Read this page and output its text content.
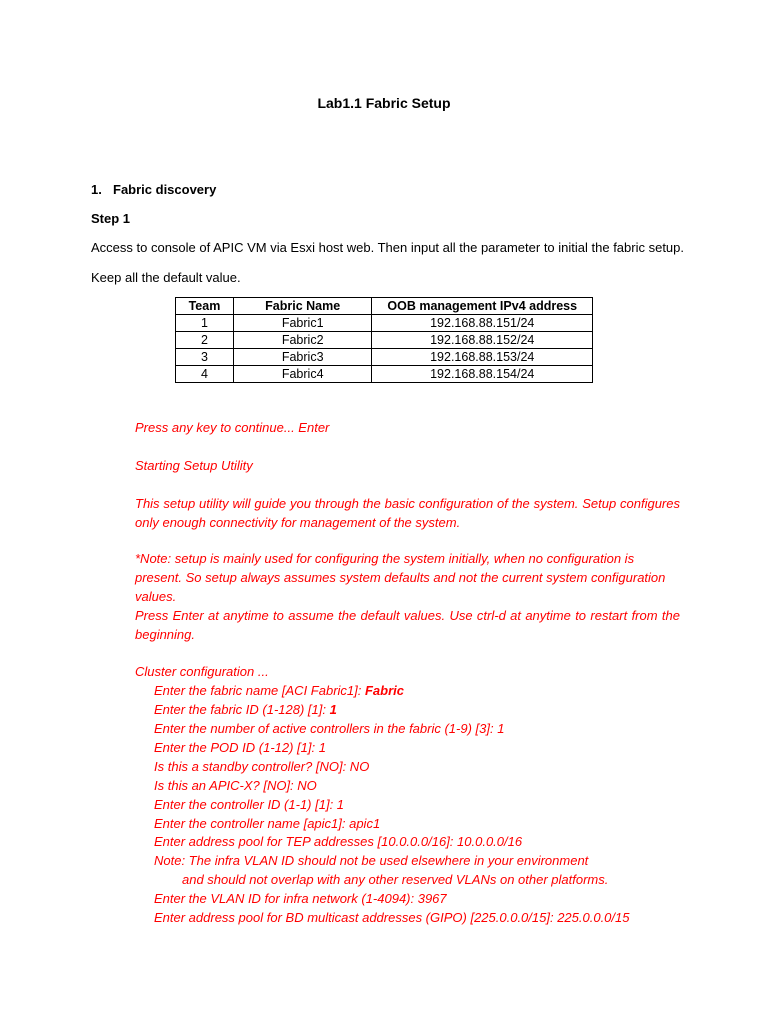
Lab1.1 Fabric Setup
1. Fabric discovery
Step 1
Access to console of APIC VM via Esxi host web. Then input all the parameter to initial the fabric setup.
Keep all the default value.
Team	Fabric Name	OOB management IPv4 address
1	Fabric1	192.168.88.151/24
2	Fabric2	192.168.88.152/24
3	Fabric3	192.168.88.153/24
4	Fabric4	192.168.88.154/24
Press any key to continue... Enter
Starting Setup Utility
This setup utility will guide you through the basic configuration of the system. Setup configures only enough connectivity for management of the system.
*Note: setup is mainly used for configuring the system initially, when no configuration is present. So setup always assumes system defaults and not the current system configuration values.
Press Enter at anytime to assume the default values. Use ctrl-d at anytime to restart from the beginning.
Cluster configuration ...
Enter the fabric name [ACI Fabric1]: Fabric
Enter the fabric ID (1-128) [1]: 1
Enter the number of active controllers in the fabric (1-9) [3]: 1
Enter the POD ID (1-12) [1]: 1
Is this a standby controller? [NO]: NO
Is this an APIC-X? [NO]: NO
Enter the controller ID (1-1) [1]: 1
Enter the controller name [apic1]: apic1
Enter address pool for TEP addresses [10.0.0.0/16]: 10.0.0.0/16
Note: The infra VLAN ID should not be used elsewhere in your environment
and should not overlap with any other reserved VLANs on other platforms.
Enter the VLAN ID for infra network (1-4094): 3967
Enter address pool for BD multicast addresses (GIPO) [225.0.0.0/15]: 225.0.0.0/15
